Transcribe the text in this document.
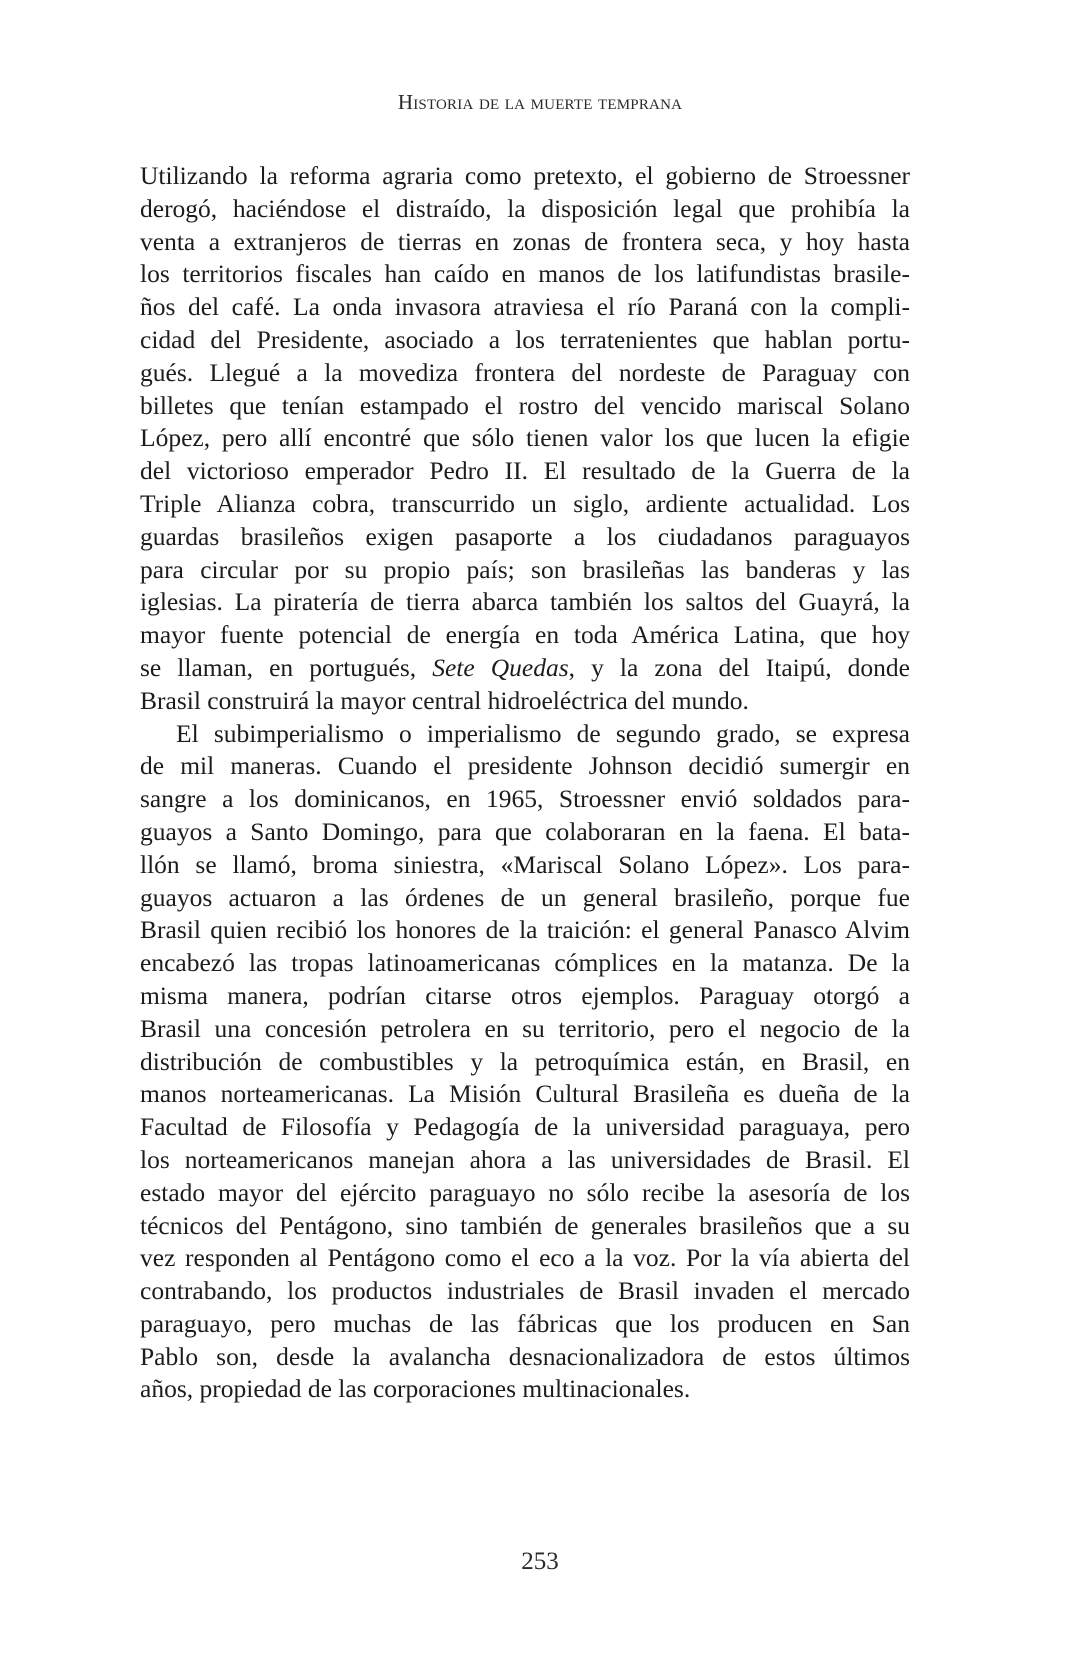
Historia de la muerte temprana
Utilizando la reforma agraria como pretexto, el gobierno de Stroessner
derogó, haciéndose el distraído, la disposición legal que prohibía la
venta a extranjeros de tierras en zonas de frontera seca, y hoy hasta
los territorios fiscales han caído en manos de los latifundistas brasile-
ños del café. La onda invasora atraviesa el río Paraná con la compli-
cidad del Presidente, asociado a los terratenientes que hablan portu-
gués. Llegué a la movediza frontera del nordeste de Paraguay con
billetes que tenían estampado el rostro del vencido mariscal Solano
López, pero allí encontré que sólo tienen valor los que lucen la efigie
del victorioso emperador Pedro II. El resultado de la Guerra de la
Triple Alianza cobra, transcurrido un siglo, ardiente actualidad. Los
guardas brasileños exigen pasaporte a los ciudadanos paraguayos
para circular por su propio país; son brasileñas las banderas y las
iglesias. La piratería de tierra abarca también los saltos del Guayrá, la
mayor fuente potencial de energía en toda América Latina, que hoy
se llaman, en portugués, Sete Quedas, y la zona del Itaipú, donde
Brasil construirá la mayor central hidroeléctrica del mundo.
El subimperialismo o imperialismo de segundo grado, se expresa
de mil maneras. Cuando el presidente Johnson decidió sumergir en
sangre a los dominicanos, en 1965, Stroessner envió soldados para-
guayos a Santo Domingo, para que colaboraran en la faena. El bata-
llón se llamó, broma siniestra, «Mariscal Solano López». Los para-
guayos actuaron a las órdenes de un general brasileño, porque fue
Brasil quien recibió los honores de la traición: el general Panasco Alvim
encabezó las tropas latinoamericanas cómplices en la matanza. De la
misma manera, podrían citarse otros ejemplos. Paraguay otorgó a
Brasil una concesión petrolera en su territorio, pero el negocio de la
distribución de combustibles y la petroquímica están, en Brasil, en
manos norteamericanas. La Misión Cultural Brasileña es dueña de la
Facultad de Filosofía y Pedagogía de la universidad paraguaya, pero
los norteamericanos manejan ahora a las universidades de Brasil. El
estado mayor del ejército paraguayo no sólo recibe la asesoría de los
técnicos del Pentágono, sino también de generales brasileños que a su
vez responden al Pentágono como el eco a la voz. Por la vía abierta del
contrabando, los productos industriales de Brasil invaden el mercado
paraguayo, pero muchas de las fábricas que los producen en San
Pablo son, desde la avalancha desnacionalizadora de estos últimos
años, propiedad de las corporaciones multinacionales.
253
